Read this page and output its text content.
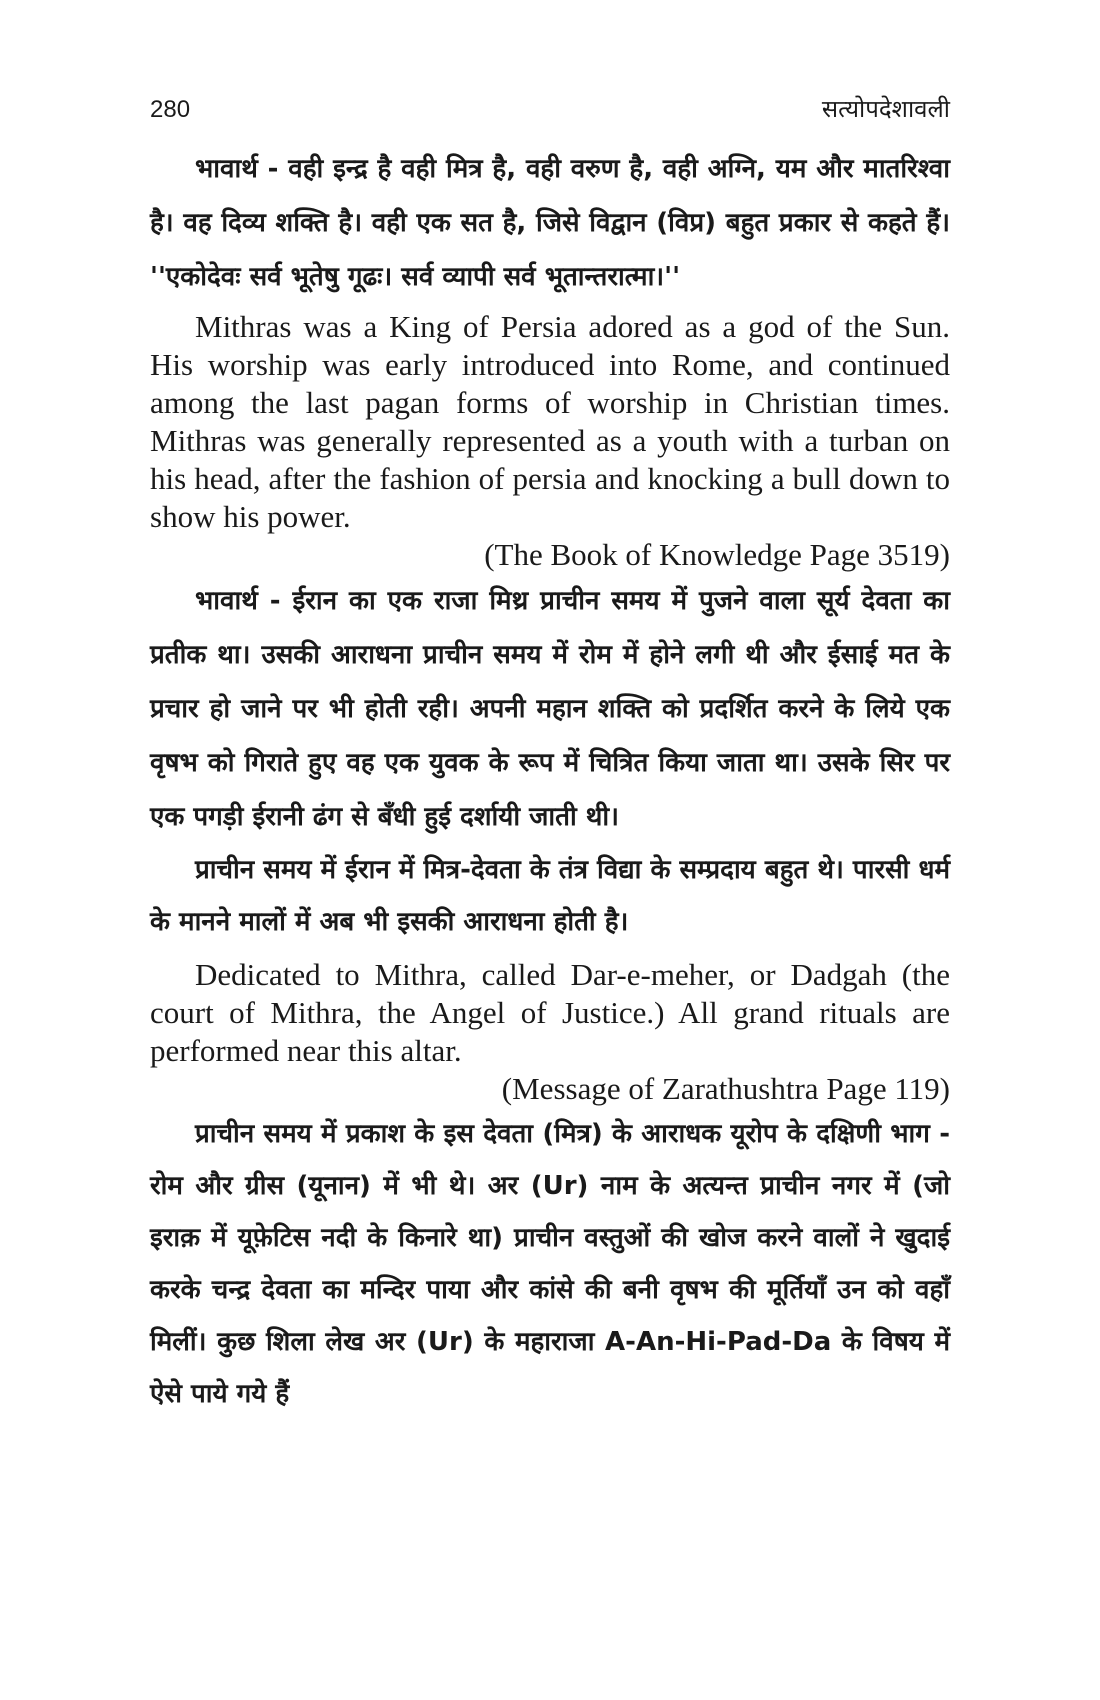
280	सत्योपदेशावली

भावार्थ - वही इन्द्र है वही मित्र है, वही वरुण है, वही अग्नि, यम और मातरिश्वा है। वह दिव्य शक्ति है। वही एक सत है, जिसे विद्वान (विप्र) बहुत प्रकार से कहते हैं। ''एकोदेवः सर्व भूतेषु गूढः। सर्व व्यापी सर्व भूतान्तरात्मा।''

Mithras was a King of Persia adored as a god of the Sun. His worship was early introduced into Rome, and continued among the last pagan forms of worship in Christian times. Mithras was generally represented as a youth with a turban on his head, after the fashion of persia and knocking a bull down to show his power.

(The Book of Knowledge Page 3519)

भावार्थ - ईरान का एक राजा मिथ्र प्राचीन समय में पुजने वाला सूर्य देवता का प्रतीक था। उसकी आराधना प्राचीन समय में रोम में होने लगी थी और ईसाई मत के प्रचार हो जाने पर भी होती रही। अपनी महान शक्ति को प्रदर्शित करने के लिये एक वृषभ को गिराते हुए वह एक युवक के रूप में चित्रित किया जाता था। उसके सिर पर एक पगड़ी ईरानी ढंग से बँधी हुई दर्शायी जाती थी।

प्राचीन समय में ईरान में मित्र-देवता के तंत्र विद्या के सम्प्रदाय बहुत थे। पारसी धर्म के मानने मालों में अब भी इसकी आराधना होती है।

Dedicated to Mithra, called Dar-e-meher, or Dadgah (the court of Mithra, the Angel of Justice.) All grand rituals are performed near this altar.

(Message of Zarathushtra Page 119)

प्राचीन समय में प्रकाश के इस देवता (मित्र) के आराधक यूरोप के दक्षिणी भाग - रोम और ग्रीस (यूनान) में भी थे। अर (Ur) नाम के अत्यन्त प्राचीन नगर में (जो इराक़ में यूफ़ेटिस नदी के किनारे था) प्राचीन वस्तुओं की खोज करने वालों ने खुदाई करके चन्द्र देवता का मन्दिर पाया और कांसे की बनी वृषभ की मूर्तियाँ उन को वहाँ मिलीं। कुछ शिला लेख अर (Ur) के महाराजा A-An-Hi-Pad-Da के विषय में ऐसे पाये गये हैं
